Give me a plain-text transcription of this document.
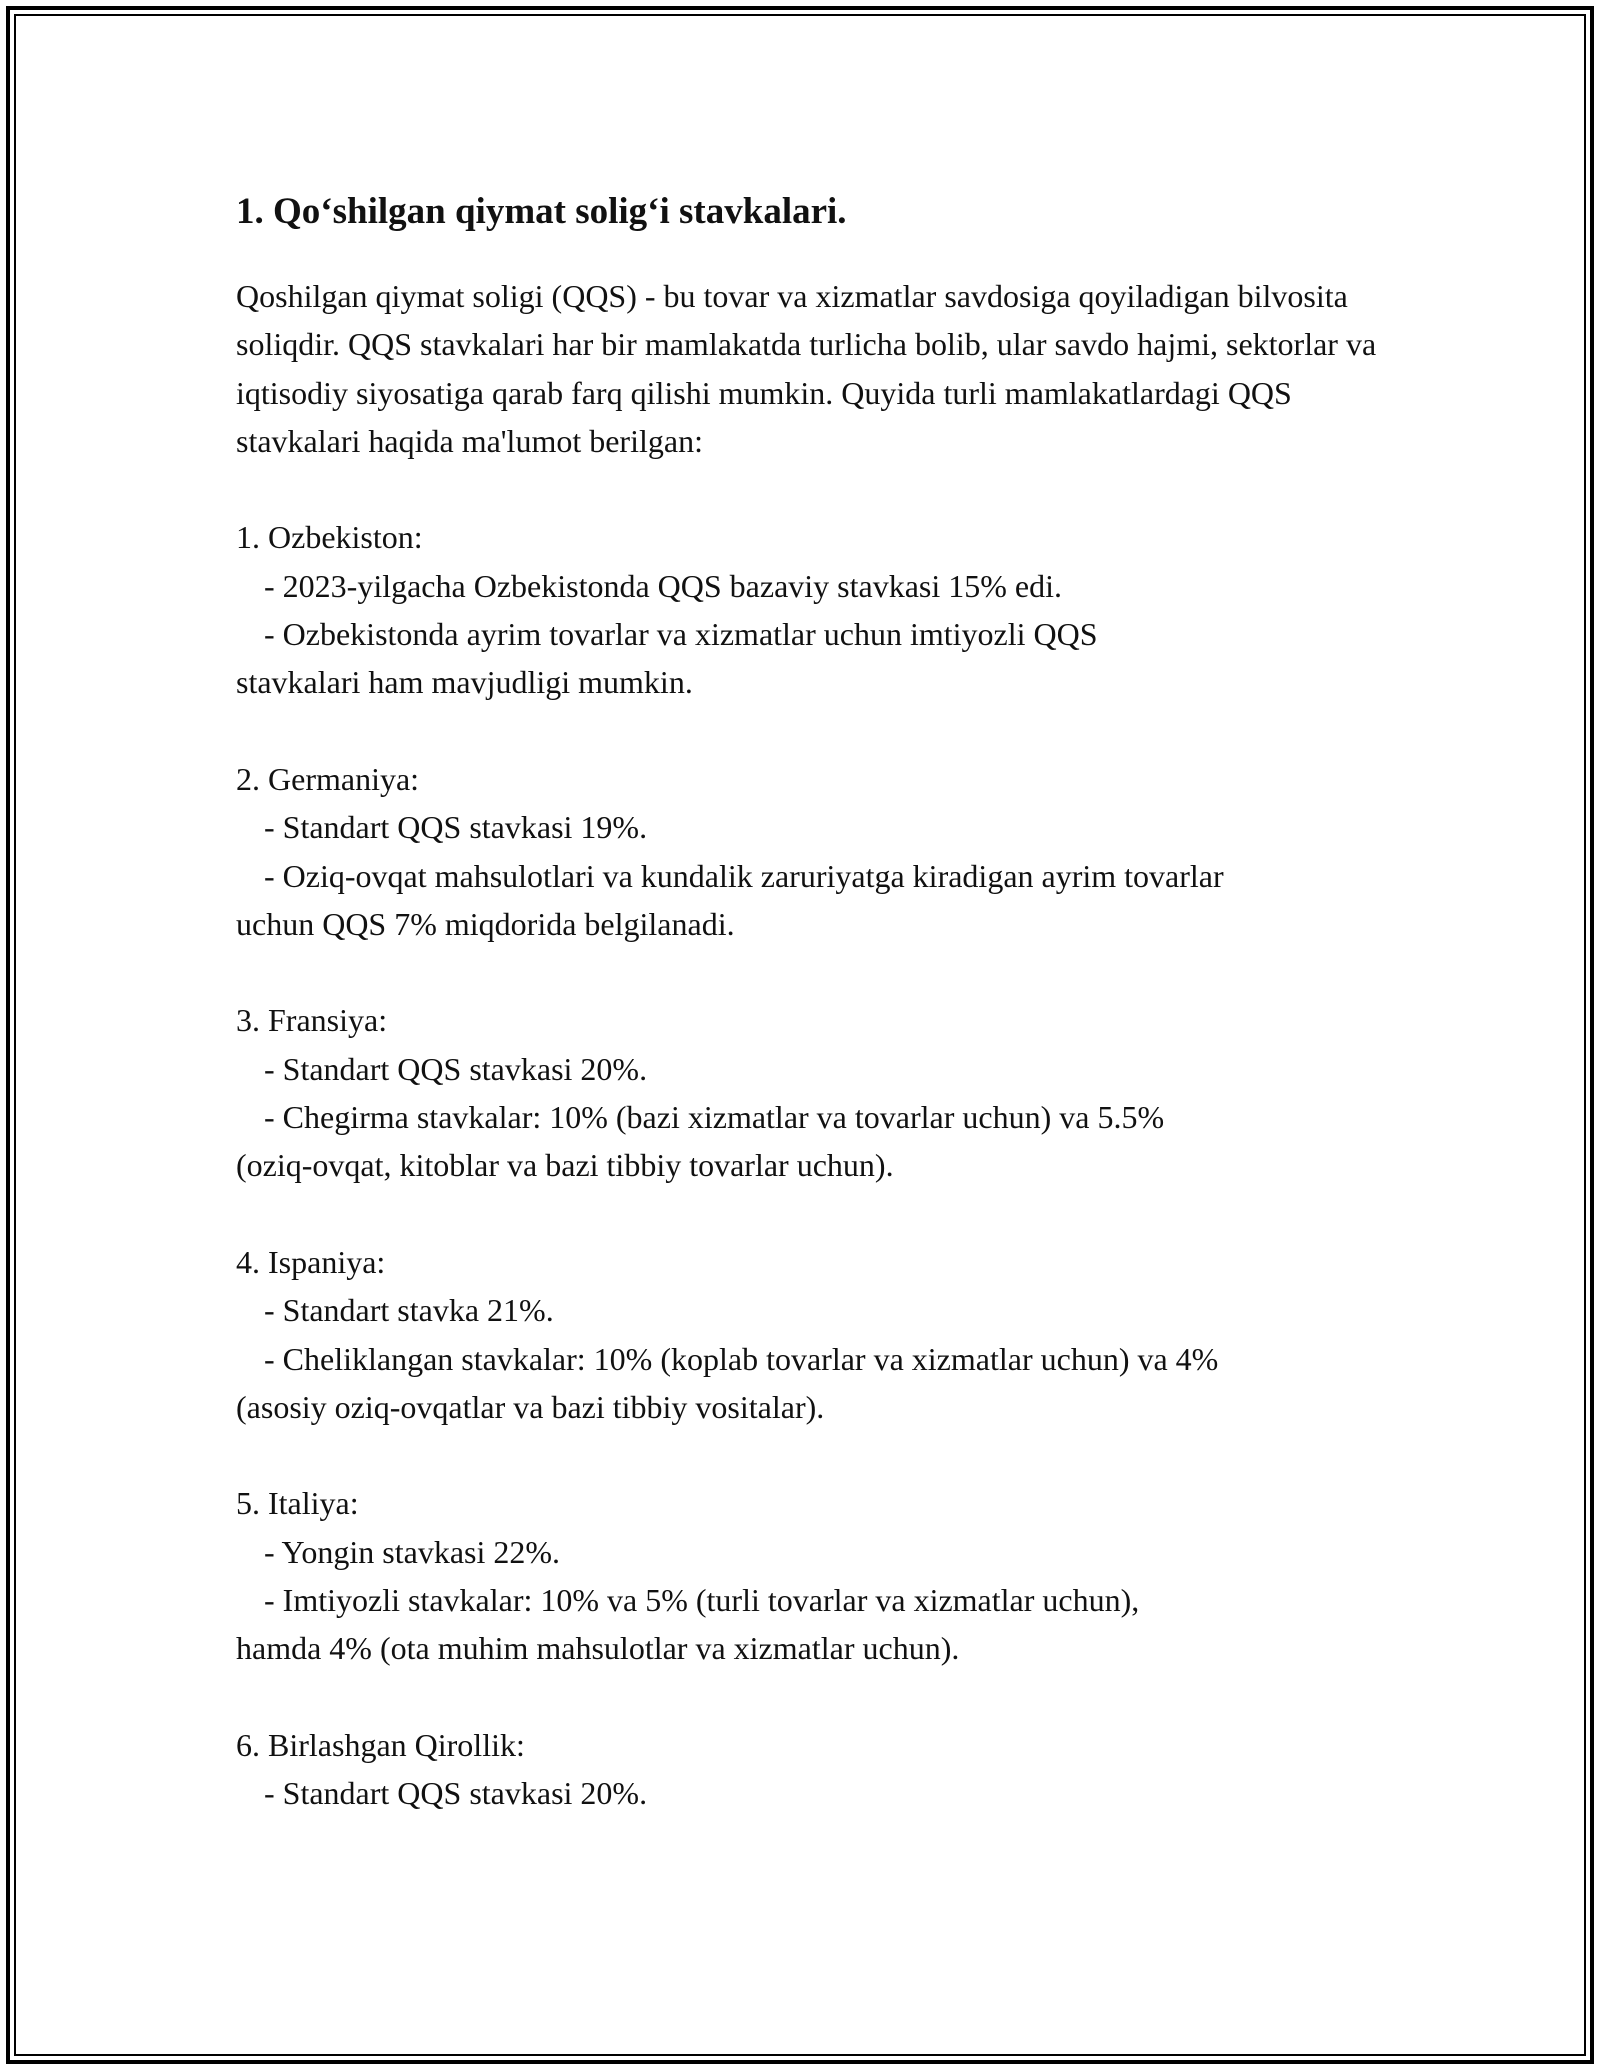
1. Qo‘shilgan qiymat solig‘i stavkalari.

Qoshilgan qiymat soligi (QQS) - bu tovar va xizmatlar savdosiga qoyiladigan bilvosita soliqdir. QQS stavkalari har bir mamlakatda turlicha bolib, ular savdo hajmi, sektorlar va iqtisodiy siyosatiga qarab farq qilishi mumkin. Quyida turli mamlakatlardagi QQS stavkalari haqida ma'lumot berilgan:

1. Ozbekiston:
- 2023-yilgacha Ozbekistonda QQS bazaviy stavkasi 15% edi.
- Ozbekistonda ayrim tovarlar va xizmatlar uchun imtiyozli QQS
stavkalari ham mavjudligi mumkin.
2. Germaniya:
- Standart QQS stavkasi 19%.
- Oziq-ovqat mahsulotlari va kundalik zaruriyatga kiradigan ayrim tovarlar
uchun QQS 7% miqdorida belgilanadi.
3. Fransiya:
- Standart QQS stavkasi 20%.
- Chegirma stavkalar: 10% (bazi xizmatlar va tovarlar uchun) va 5.5%
(oziq-ovqat, kitoblar va bazi tibbiy tovarlar uchun).
4. Ispaniya:
- Standart stavka 21%.
- Cheliklangan stavkalar: 10% (koplab tovarlar va xizmatlar uchun) va 4%
(asosiy oziq-ovqatlar va bazi tibbiy vositalar).
5. Italiya:
- Yongin stavkasi 22%.
- Imtiyozli stavkalar: 10% va 5% (turli tovarlar va xizmatlar uchun),
hamda 4% (ota muhim mahsulotlar va xizmatlar uchun).
6. Birlashgan Qirollik:
- Standart QQS stavkasi 20%.
